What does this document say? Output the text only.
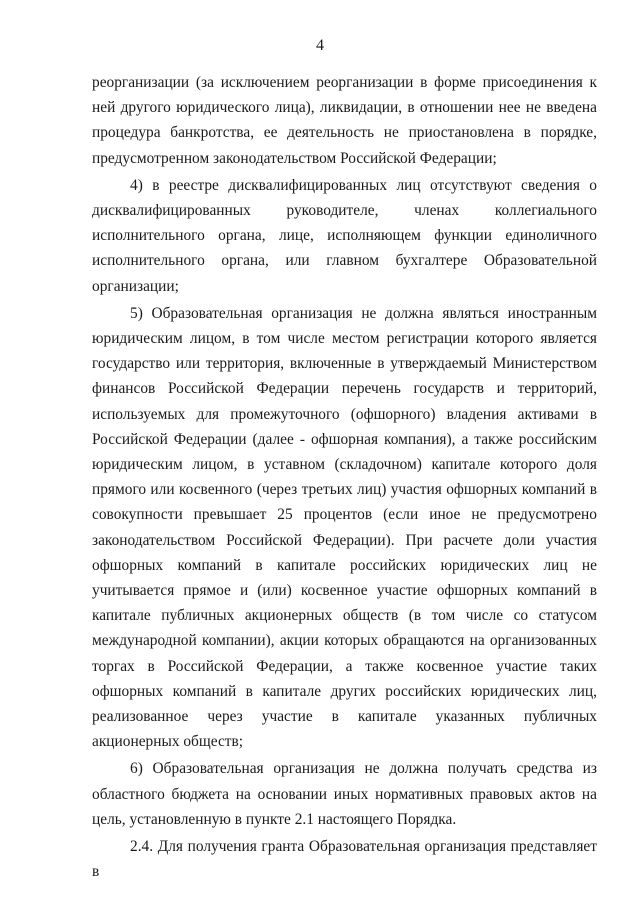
4

реорганизации (за исключением реорганизации в форме присоединения к ней другого юридического лица), ликвидации, в отношении нее не введена процедура банкротства, ее деятельность не приостановлена в порядке, предусмотренном законодательством Российской Федерации;

4) в реестре дисквалифицированных лиц отсутствуют сведения о дисквалифицированных руководителе, членах коллегиального исполнительного органа, лице, исполняющем функции единоличного исполнительного органа, или главном бухгалтере Образовательной организации;

5) Образовательная организация не должна являться иностранным юридическим лицом, в том числе местом регистрации которого является государство или территория, включенные в утверждаемый Министерством финансов Российской Федерации перечень государств и территорий, используемых для промежуточного (офшорного) владения активами в Российской Федерации (далее - офшорная компания), а также российским юридическим лицом, в уставном (складочном) капитале которого доля прямого или косвенного (через третьих лиц) участия офшорных компаний в совокупности превышает 25 процентов (если иное не предусмотрено законодательством Российской Федерации). При расчете доли участия офшорных компаний в капитале российских юридических лиц не учитывается прямое и (или) косвенное участие офшорных компаний в капитале публичных акционерных обществ (в том числе со статусом международной компании), акции которых обращаются на организованных торгах в Российской Федерации, а также косвенное участие таких офшорных компаний в капитале других российских юридических лиц, реализованное через участие в капитале указанных публичных акционерных обществ;

6) Образовательная организация не должна получать средства из областного бюджета на основании иных нормативных правовых актов на цель, установленную в пункте 2.1 настоящего Порядка.

2.4. Для получения гранта Образовательная организация представляет в
